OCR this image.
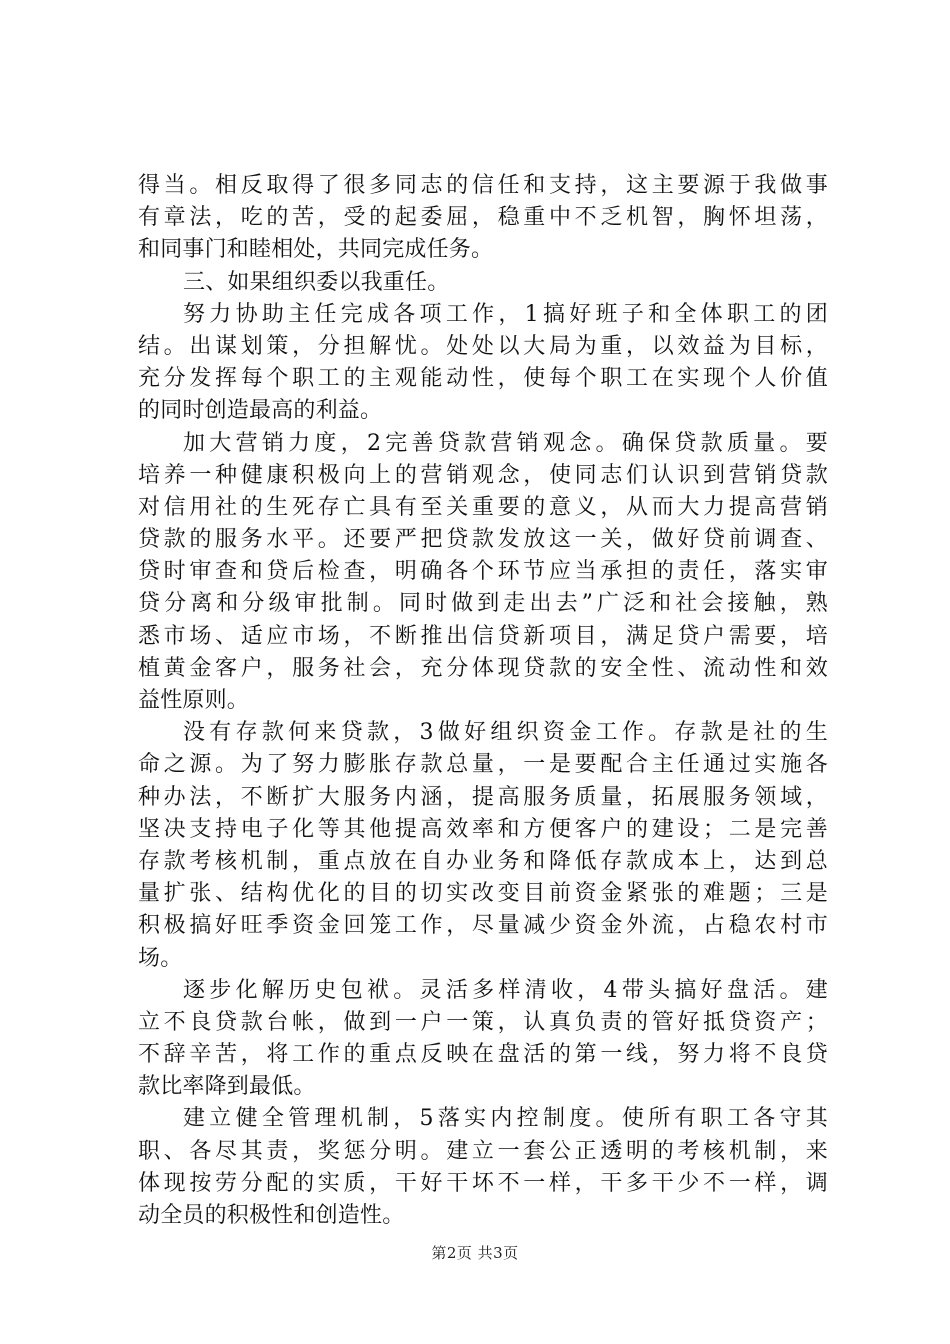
得当。相反取得了很多同志的信任和支持，这主要源于我做事
有章法，吃的苦，受的起委屈，稳重中不乏机智，胸怀坦荡，
和同事门和睦相处，共同完成任务。
三、如果组织委以我重任。
努力协助主任完成各项工作，1搞好班子和全体职工的团
结。出谋划策，分担解忧。处处以大局为重，以效益为目标，
充分发挥每个职工的主观能动性，使每个职工在实现个人价值
的同时创造最高的利益。
加大营销力度，2完善贷款营销观念。确保贷款质量。要
培养一种健康积极向上的营销观念，使同志们认识到营销贷款
对信用社的生死存亡具有至关重要的意义，从而大力提高营销
贷款的服务水平。还要严把贷款发放这一关，做好贷前调查、
贷时审查和贷后检查，明确各个环节应当承担的责任，落实审
贷分离和分级审批制。同时做到走出去”广泛和社会接触，熟
悉市场、适应市场，不断推出信贷新项目，满足贷户需要，培
植黄金客户，服务社会，充分体现贷款的安全性、流动性和效
益性原则。
没有存款何来贷款，3做好组织资金工作。存款是社的生
命之源。为了努力膨胀存款总量，一是要配合主任通过实施各
种办法，不断扩大服务内涵，提高服务质量，拓展服务领域，
坚决支持电子化等其他提高效率和方便客户的建设；二是完善
存款考核机制，重点放在自办业务和降低存款成本上，达到总
量扩张、结构优化的目的切实改变目前资金紧张的难题；三是
积极搞好旺季资金回笼工作，尽量减少资金外流，占稳农村市
场。
逐步化解历史包袱。灵活多样清收，4带头搞好盘活。建
立不良贷款台帐，做到一户一策，认真负责的管好抵贷资产；
不辞辛苦，将工作的重点反映在盘活的第一线，努力将不良贷
款比率降到最低。
建立健全管理机制，5落实内控制度。使所有职工各守其
职、各尽其责，奖惩分明。建立一套公正透明的考核机制，来
体现按劳分配的实质，干好干坏不一样，干多干少不一样，调
动全员的积极性和创造性。
第2页 共3页
